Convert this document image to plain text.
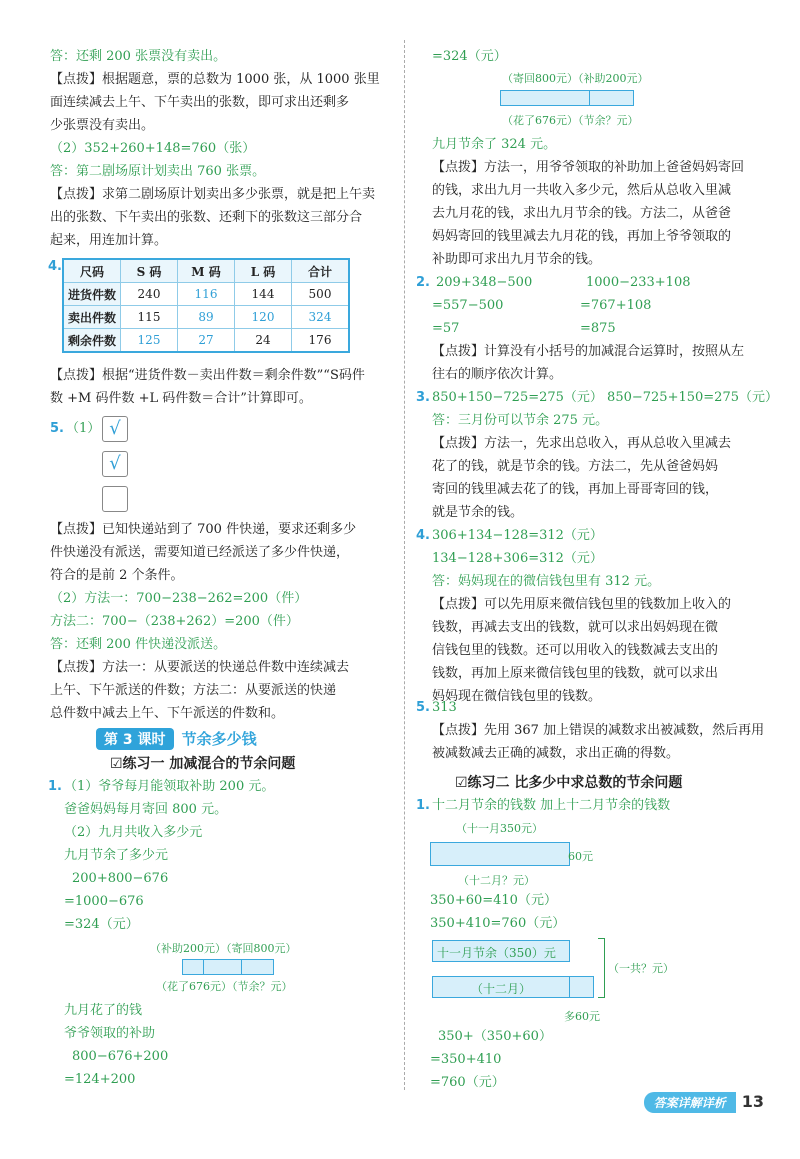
答：还剩 200 张票没有卖出。
【点拨】根据题意，票的总数为 1000 张，从 1000 张里
面连续减去上午、下午卖出的张数，即可求出还剩多
少张票没有卖出。
（2）352+260+148=760（张）
答：第二剧场原计划卖出 760 张票。
【点拨】求第二剧场原计划卖出多少张票，就是把上午卖
出的张数、下午卖出的张数、还剩下的张数这三部分合
起来，用连加计算。
4. 尺码	S 码	M 码	L 码	合计
进货件数	240	116	144	500
卖出件数	115	89	120	324
剩余件数	125	27	24	176
【点拨】根据“进货件数－卖出件数＝剩余件数”“S码件
数 +M 码件数 +L 码件数＝合计”计算即可。
5. （1） √
√
【点拨】已知快递站到了 700 件快递，要求还剩多少
件快递没有派送，需要知道已经派送了多少件快递，
符合的是前 2 个条件。
（2）方法一：700−238−262=200（件）
方法二：700−（238+262）=200（件）
答：还剩 200 件快递没派送。
【点拨】方法一：从要派送的快递总件数中连续减去
上午、下午派送的件数；方法二：从要派送的快递
总件数中减去上午、下午派送的件数和。
第 3 课时 节余多少钱
☑练习一 加减混合的节余问题
1. （1）爷爷每月能领取补助 200 元。
爸爸妈妈每月寄回 800 元。
（2）九月共收入多少元
九月节余了多少元
200+800−676
=1000−676
=324（元）
（补助200元）（寄回800元）
（花了676元）（节余？元）
九月花了的钱
爷爷领取的补助
800−676+200
=124+200
=324（元）
（寄回800元）（补助200元）
（花了676元）（节余？元）
九月节余了 324 元。
【点拨】方法一，用爷爷领取的补助加上爸爸妈妈寄回
的钱，求出九月一共收入多少元，然后从总收入里减
去九月花的钱，求出九月节余的钱。方法二，从爸爸
妈妈寄回的钱里减去九月花的钱，再加上爷爷领取的
补助即可求出九月节余的钱。
2. 209+348−500	1000−233+108
=557−500	=767+108
=57	=875
【点拨】计算没有小括号的加减混合运算时，按照从左
往右的顺序依次计算。
3. 850+150−725=275（元） 850−725+150=275（元）
答：三月份可以节余 275 元。
【点拨】方法一，先求出总收入，再从总收入里减去
花了的钱，就是节余的钱。方法二，先从爸爸妈妈
寄回的钱里减去花了的钱，再加上哥哥寄回的钱，
就是节余的钱。
4. 306+134−128=312（元）
134−128+306=312（元）
答：妈妈现在的微信钱包里有 312 元。
【点拨】可以先用原来微信钱包里的钱数加上收入的
钱数，再减去支出的钱数，就可以求出妈妈现在微
信钱包里的钱数。还可以用收入的钱数减去支出的
钱数，再加上原来微信钱包里的钱数，就可以求出
妈妈现在微信钱包里的钱数。
5. 313
【点拨】先用 367 加上错误的减数求出被减数，然后再用
被减数减去正确的减数，求出正确的得数。
☑练习二 比多少中求总数的节余问题
1. 十二月节余的钱数 加上十二月节余的钱数
（十一月350元）
60元
（十二月？元）
350+60=410（元）
350+410=760（元）
十一月节余（350）元
（十二月）
（一共？元）
多60元
350+（350+60）
=350+410
=760（元）
答案详解详析 13
